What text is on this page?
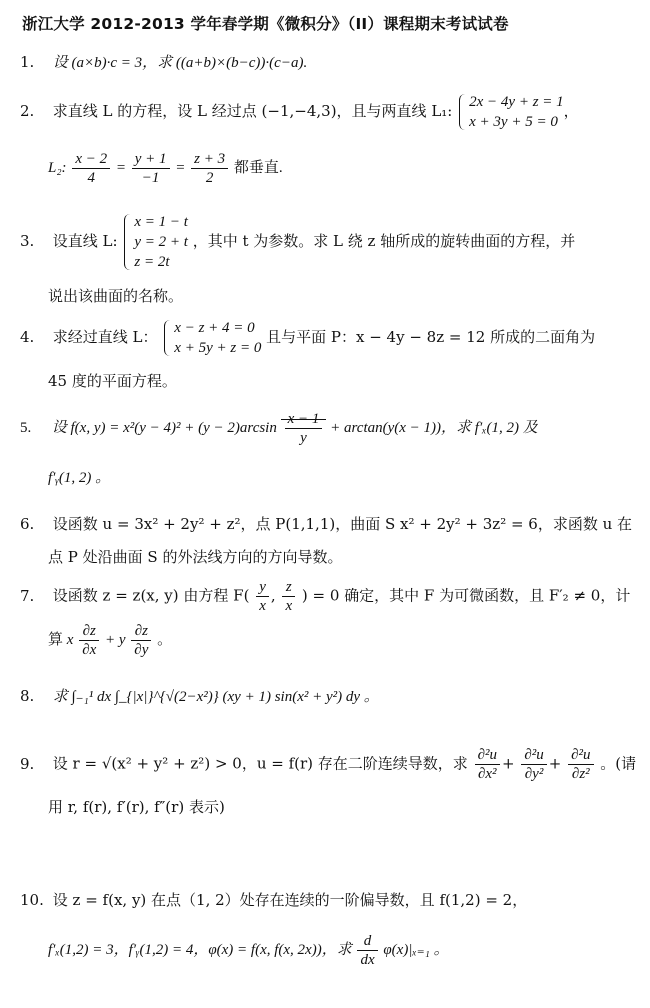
浙江大学 2012-2013 学年春学期《微积分》（II）课程期末考试试卷
1. 设 (a×b)·c = 3，求 ((a+b)×(b−c))·(c−a).
2. 求直线 L 的方程，设 L 经过点 (−1,−4,3)，且与两直线 L₁: 2x − 4y + z = 1
x + 3y + 5 = 0
，
L₂: $\frac{x - 2}{4} = \frac{y + 1}{-1} = \frac{z + 3}{2}$ 都垂直.
3. 设直线 L:
x = 1 − t
y = 2 + t
z = 2t
，其中 t 为参数。求 L 绕 z 轴所成的旋转曲面的方程，并
说出该曲面的名称。
4. 求经过直线 L： x − z + 4 = 0
x + 5y + z = 0
且与平面 P：x − 4y − 8z = 12 所成的二面角为
45 度的平面方程。
5. 设 f(x, $y) = x^2(y - 4)^2 + (y - 2)\arcsin \frac{x - 1}{y} + \arctan(y(x - 1))$，求 f′ₓ(1, 2) 及
f′ᵧ(1, 2) 。
6. 设函数 u = 3x² + 2y² + z²，点 P(1,1,1)，曲面 S x² + 2y² + 3z² = 6，求函数 u 在
点 P 处沿曲面 S 的外法线方向的方向导数。
7. 设函数 z = z(x, y) 由方程 $F( \frac{y}{x}$ , $\frac{z}{x}$ ) = 0 确定，其中 F 为可微函数，且 F′₂ ≠ 0，计
算 x $\frac{\partial z}{\partial x} + y \frac{\partial z}{\partial y}$ 。
8. 求 ∫₋₁¹ dx ∫_{|x|}^{√(2−x²)} (xy + 1) sin(x² + y²) dy 。
9. 设 r = √(x² + y² + z²) > 0，u = f(r) 存在二阶连续导数，求 $\frac{\text{∂²u}}{\text{∂x²}} + \frac{\text{∂²u}}{\text{∂y²}} + \frac{\text{∂²u}}{\text{∂z²}}$ 。(请
用 r, f(r), f′(r), f″(r) 表示)
10. 设 z = f(x, y) 在点（1, 2）处存在连续的一阶偏导数，且 f(1,2) = 2，
f′ₓ(1,2) = 3，f′ᵧ(1,2) = 4，φ(x) = f(x, f(x, 2x))，求 $\frac{d}{dx} \varphi(x)|_{x=1}$ 。
